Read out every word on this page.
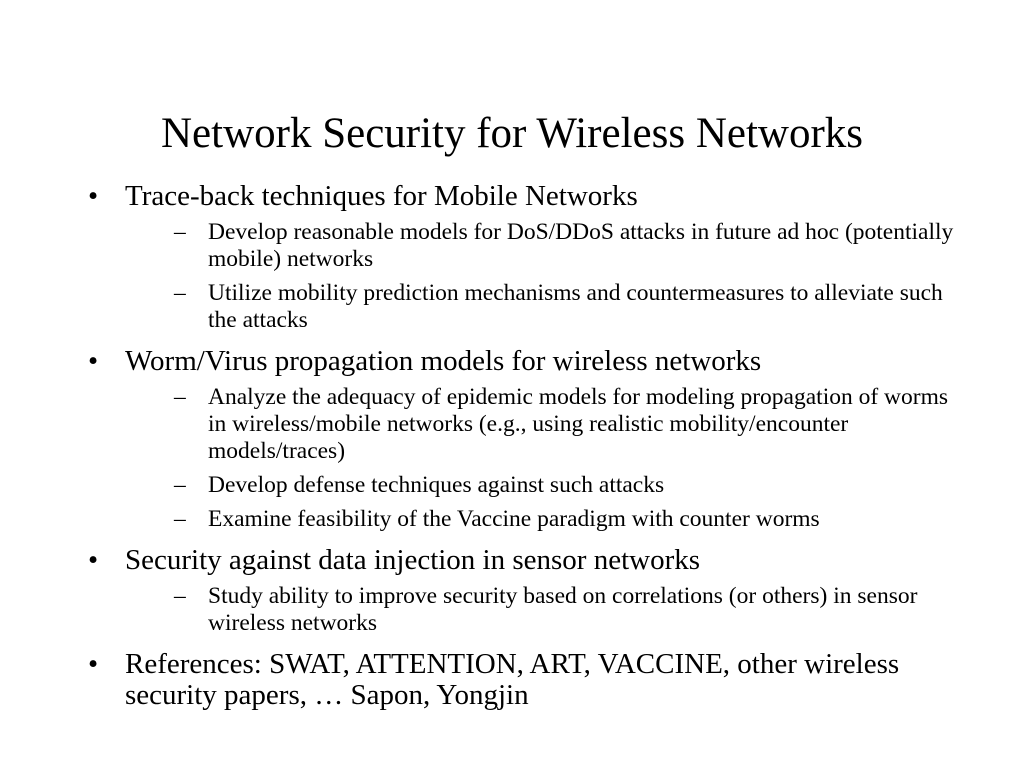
Network Security for Wireless Networks
• Trace-back techniques for Mobile Networks
– Develop reasonable models for DoS/DDoS attacks in future ad hoc (potentially mobile) networks
– Utilize mobility prediction mechanisms and countermeasures to alleviate such the attacks
• Worm/Virus propagation models for wireless networks
– Analyze the adequacy of epidemic models for modeling propagation of worms in wireless/mobile networks (e.g., using realistic mobility/encounter models/traces)
– Develop defense techniques against such attacks
– Examine feasibility of the Vaccine paradigm with counter worms
• Security against data injection in sensor networks
– Study ability to improve security based on correlations (or others) in sensor wireless networks
• References: SWAT, ATTENTION, ART, VACCINE, other wireless security papers, … Sapon, Yongjin
